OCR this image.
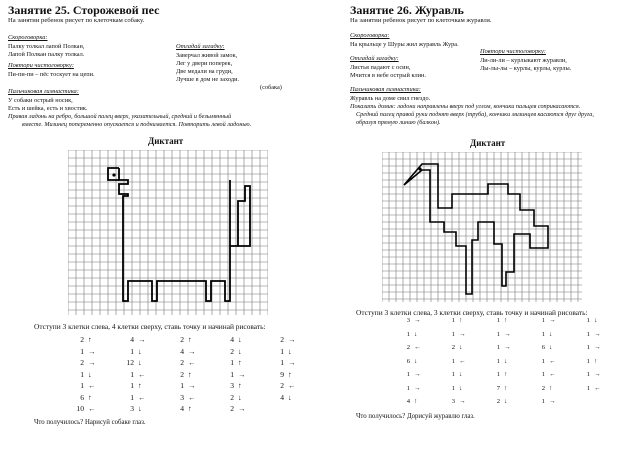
Занятие 25. Сторожевой пес
На занятии ребенок рисует по клеточкам собаку.
Скороговорка:
Палку толкал лапой Полкан,
Лапой Полкан палку толкал.
Отгадай загадку:
Заверчал живой замок,
Лег у двери поперек,
Две медали на груди,
Лучше в дом не заходи.
(собака)
Повтори чистоговорку:
Пи-пи-пи – пёс тоскует на цепи.
Пальчиковая гимнастика:
У собаки острый носик,
Есть и шейка, есть и хвостик.
Правая ладонь на ребро, большой палец вверх, указательный, средний и безымянный
вместе. Мизинец попеременно опускается и поднимается. Повторить левой ладонью.
Диктант
Отступи 3 клетки слева, 4 клетки сверху, ставь точку и начинай рисовать:
2 ↑	4 →	2 ↑	4 ↓	2 →
1 →	1 ↓	4 →	2 ↓	1 ↓
2 →	12 ↓	2 ←	1 ↑	1 →
1 ↓	1 ←	2 ↑	1 →	9 ↑
1 ←	1 ↑	1 →	3 ↑	2 ←
6 ↑	1 ←	3 ←	2 ↓	4 ↓
10 ←	3 ↓	4 ↑	2 →
Что получилось? Нарисуй собаке глаз.
Занятие 26. Журавль
На занятии ребенок рисует по клеточкам журавля.
Скороговорка:
На крыльце у Шуры жил журавль Жура.
Повтори чистоговорку:
Ли-ли-ли – курлыкают журавли,
Лы-лы-лы – курлы, курлы, курлы.
Отгадай загадку:
Листья падают с осин,
Мчится в небе острый клин.
Пальчиковая гимнастика:
Журавль на доме свил гнездо.
Показать домик: ладони направлены вверх под углом, кончики пальцев соприкасаются.
Средний палец правой руки поднят вверх (труба), кончики мизинцев касаются друг друга,
образуя прямую линию (балкон).
Диктант
Отступи 3 клетки слева, 3 клетки сверху, ставь точку и начинай рисовать:
3 →	1 ↑	1 ↑	1 →	1 ↓
1 ↓	1 →	1 →	1 ↓	1 →
2 ←	2 ↓	1 →	6 ↓	1 →
6 ↓	1 ←	1 ↓	1 ←	1 ↑
1 →	1 ↓	1 ↑	1 ←	1 →
1 →	1 ↓	7 ↑	2 ↑	1 ←
4 ↑	3 →	2 ↓	1 →
Что получилось? Дорисуй журавлю глаз.
